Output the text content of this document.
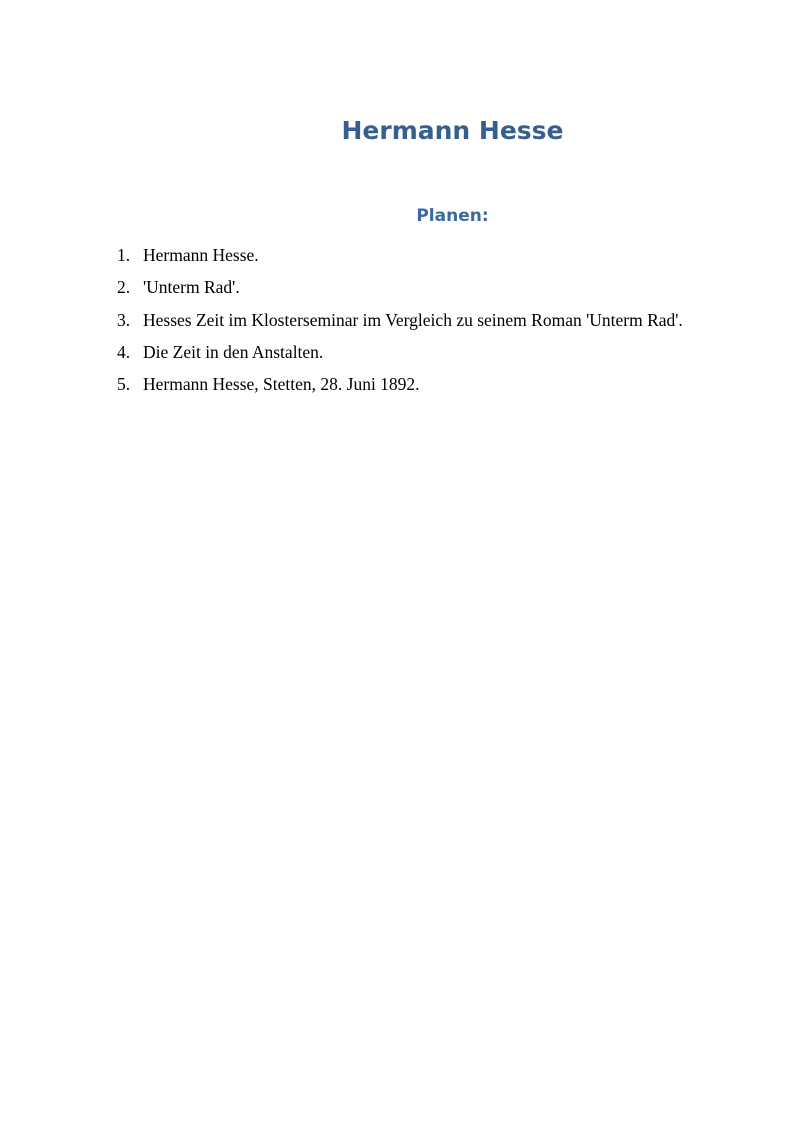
Hermann Hesse
Planen:
1. Hermann Hesse.
2. 'Unterm Rad'.
3. Hesses Zeit im Klosterseminar im Vergleich zu seinem Roman 'Unterm Rad'.
4. Die Zeit in den Anstalten.
5. Hermann Hesse, Stetten, 28. Juni 1892.
